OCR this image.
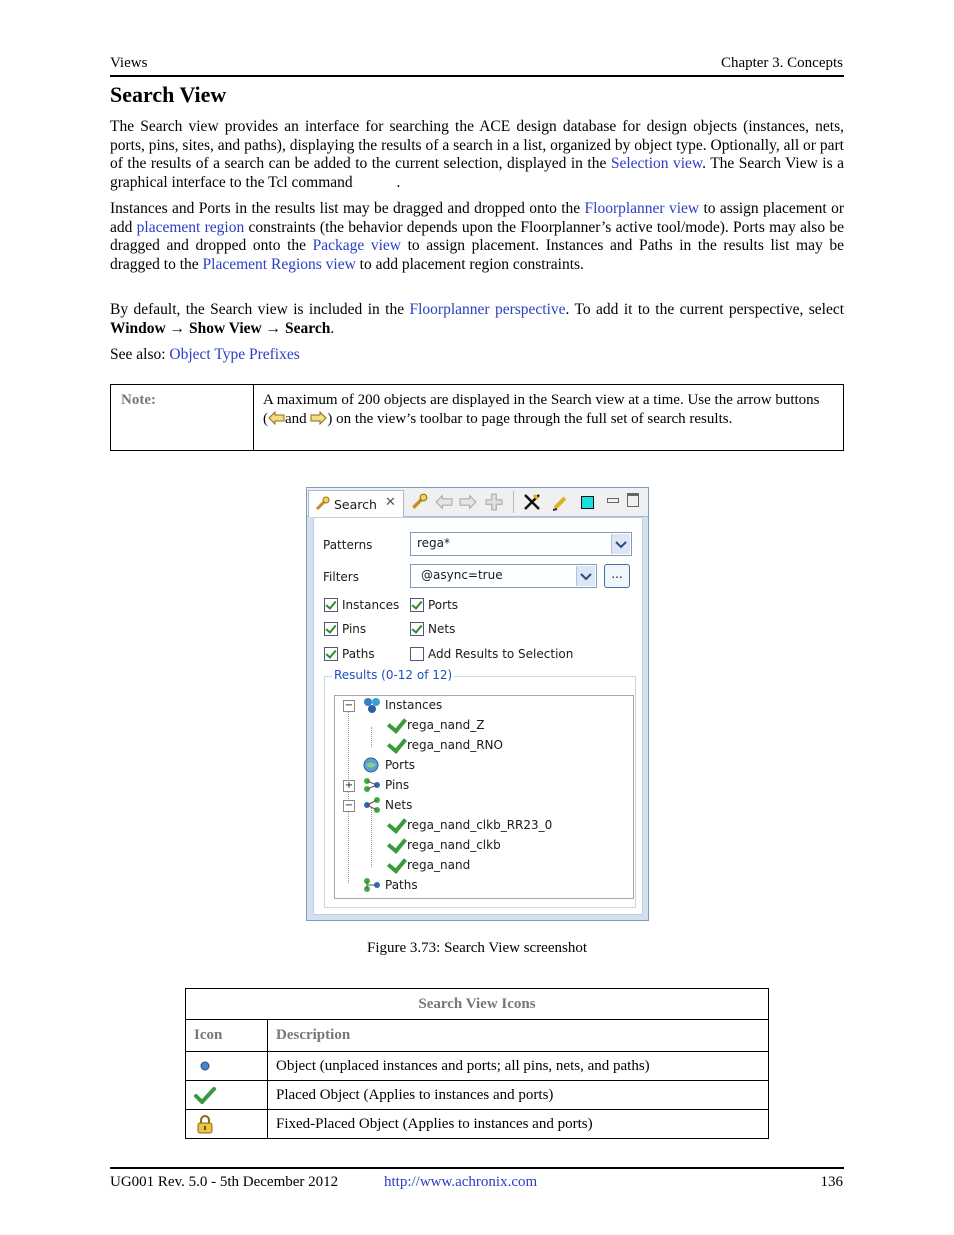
Views	Chapter 3. Concepts
Search View
The Search view provides an interface for searching the ACE design database for design objects (instances, nets, ports, pins, sites, and paths), displaying the results of a search in a list, organized by object type. Optionally, all or part of the results of a search can be added to the current selection, displayed in the Selection view. The Search View is a graphical interface to the Tcl command	.
Instances and Ports in the results list may be dragged and dropped onto the Floorplanner view to assign placement or add placement region constraints (the behavior depends upon the Floorplanner’s active tool/mode). Ports may also be dragged and dropped onto the Package view to assign placement. Instances and Paths in the results list may be dragged to the Placement Regions view to add placement region constraints.
By default, the Search view is included in the Floorplanner perspective. To add it to the current perspective, select Window → Show View → Search.
See also: Object Type Prefixes
Note:	A maximum of 200 objects are displayed in the Search view at a time. Use the arrow buttons ( and ) on the view’s toolbar to page through the full set of search results.
Search ✕
Patterns	rega*
Filters	@async=true	...
Instances Ports
Pins	Nets
Paths	Add Results to Selection
Results (0-12 of 12)
−	Instances
rega_nand_Z
rega_nand_RNO
Ports
+	Pins
−	Nets
rega_nand_clkb_RR23_0
rega_nand_clkb
rega_nand
Paths
Figure 3.73: Search View screenshot
Search View Icons	
Icon	Description
	Object (unplaced instances and ports; all pins, nets, and paths)
	Placed Object (Applies to instances and ports)
	Fixed-Placed Object (Applies to instances and ports)
UG001 Rev. 5.0 - 5th December 2012	http://www.achronix.com	136
